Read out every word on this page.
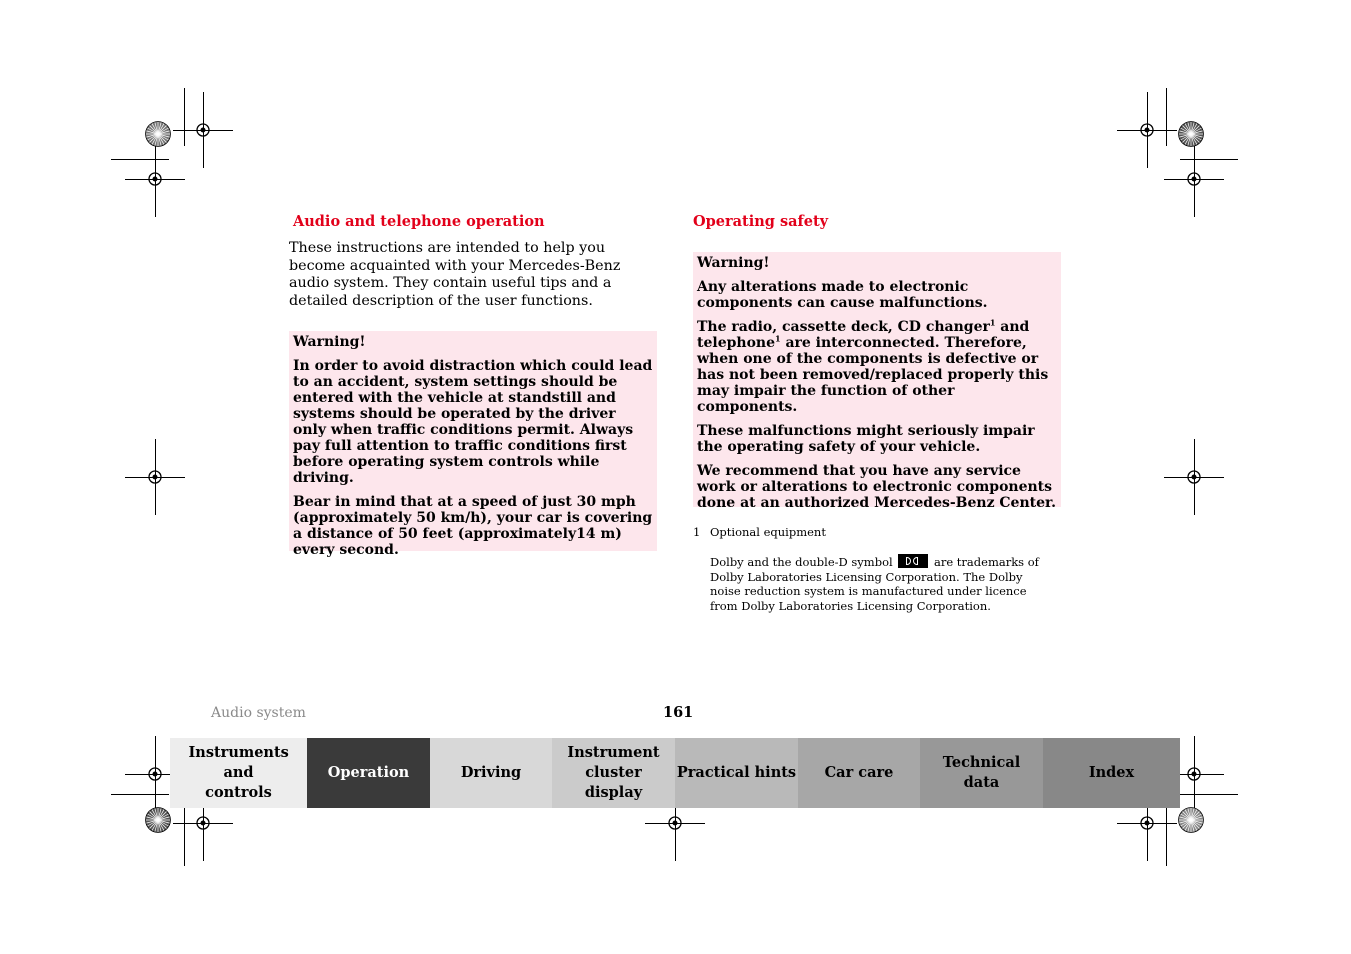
Audio and telephone operation
These instructions are intended to help you become acquainted with your Mercedes-Benz audio system. They contain useful tips and a detailed description of the user functions.

Warning!

In order to avoid distraction which could lead to an accident, system settings should be entered with the vehicle at standstill and systems should be operated by the driver only when traffic conditions permit. Always pay full attention to traffic conditions first before operating system controls while driving.

Bear in mind that at a speed of just 30 mph (approximately 50 km/h), your car is covering a distance of 50 feet (approximately14 m) every second.

Operating safety

Warning!

Any alterations made to electronic components can cause malfunctions.

The radio, cassette deck, CD changer$^1$ and telephone$^1$ are interconnected. Therefore, when one of the components is defective or has not been removed/replaced properly this may impair the function of other components.

These malfunctions might seriously impair the operating safety of your vehicle.

We recommend that you have any service work or alterations to electronic components done at an authorized Mercedes-Benz Center.

1 Optional equipment
Dolby and the double-D symbol	are trademarks of Dolby Laboratories Licensing Corporation. The Dolby noise reduction system is manufactured under licence from Dolby Laboratories Licensing Corporation.
Audio system	161
Instruments and controls
Operation	Driving
Instrument cluster display
Practical hints Car care
Technical data
Index
